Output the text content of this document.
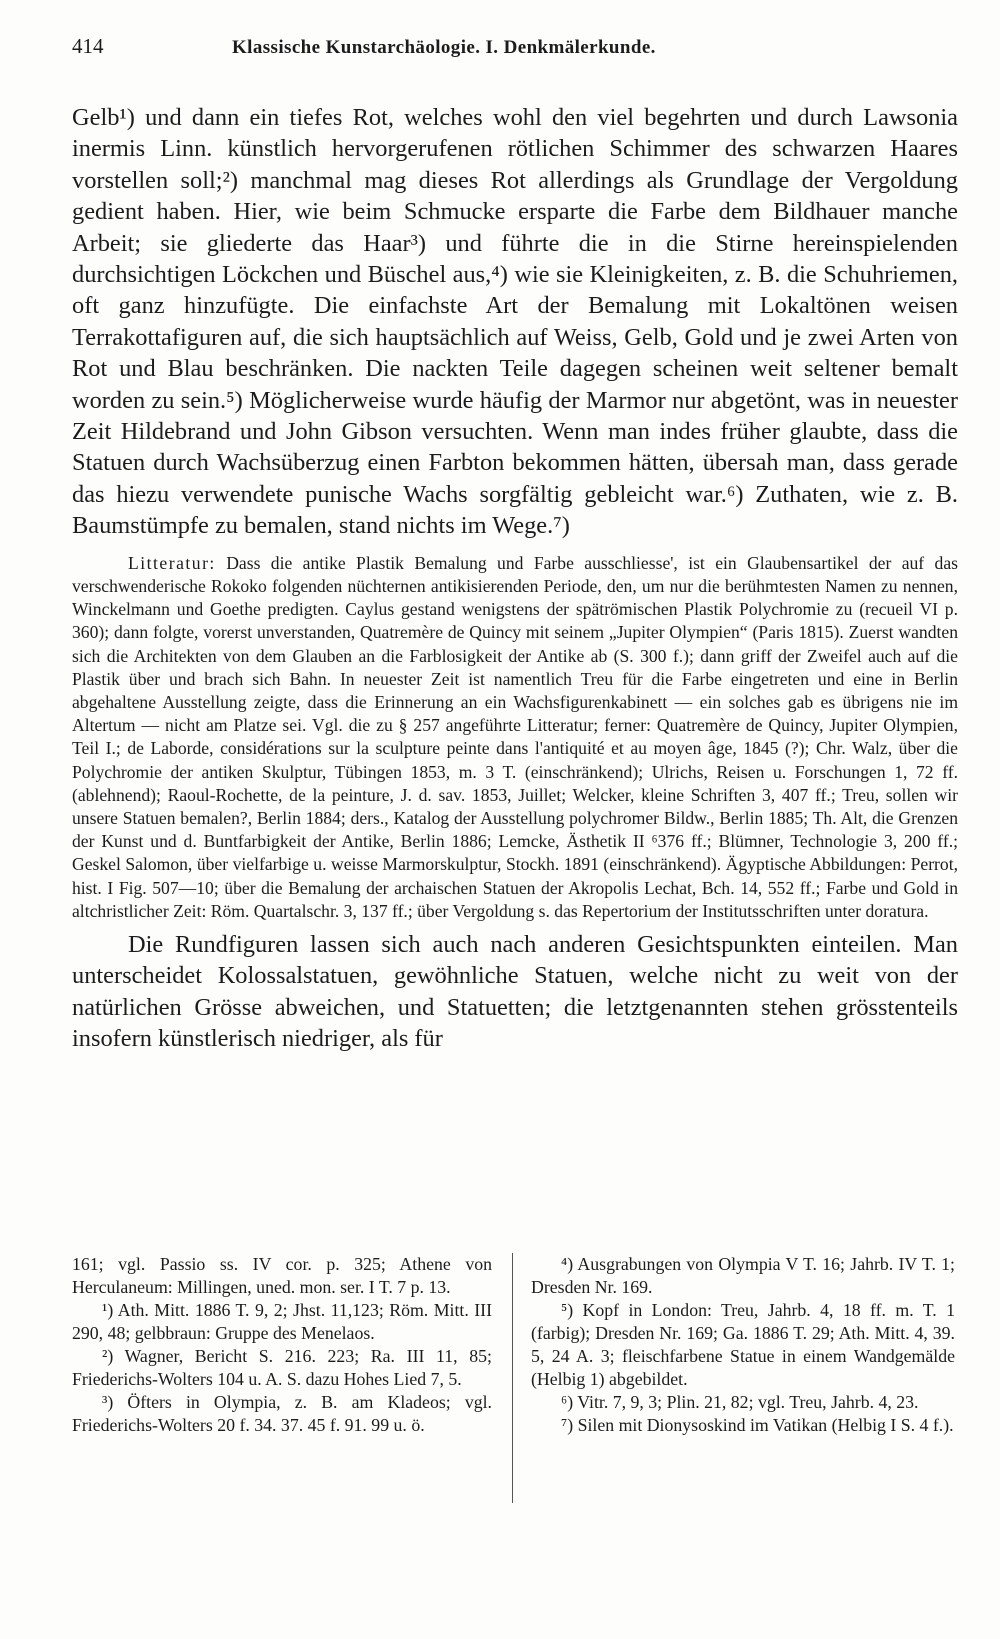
414	Klassische Kunstarchäologie. I. Denkmälerkunde.

Gelb¹) und dann ein tiefes Rot, welches wohl den viel begehrten und durch Lawsonia inermis Linn. künstlich hervorgerufenen rötlichen Schimmer des schwarzen Haares vorstellen soll;²) manchmal mag dieses Rot allerdings als Grundlage der Vergoldung gedient haben. Hier, wie beim Schmucke ersparte die Farbe dem Bildhauer manche Arbeit; sie gliederte das Haar³) und führte die in die Stirne hereinspielenden durchsichtigen Löckchen und Büschel aus,⁴) wie sie Kleinigkeiten, z. B. die Schuhriemen, oft ganz hinzufügte. Die einfachste Art der Bemalung mit Lokaltönen weisen Terrakottafiguren auf, die sich hauptsächlich auf Weiss, Gelb, Gold und je zwei Arten von Rot und Blau beschränken. Die nackten Teile dagegen scheinen weit seltener bemalt worden zu sein.⁵) Möglicherweise wurde häufig der Marmor nur abgetönt, was in neuester Zeit Hildebrand und John Gibson versuchten. Wenn man indes früher glaubte, dass die Statuen durch Wachsüberzug einen Farbton bekommen hätten, übersah man, dass gerade das hiezu verwendete punische Wachs sorgfältig gebleicht war.⁶) Zuthaten, wie z. B. Baumstümpfe zu bemalen, stand nichts im Wege.⁷)

Litteratur: Dass die antike Plastik Bemalung und Farbe ausschliesse', ist ein Glaubensartikel der auf das verschwenderische Rokoko folgenden nüchternen antikisierenden Periode, den, um nur die berühmtesten Namen zu nennen, Winckelmann und Goethe predigten. Caylus gestand wenigstens der spätrömischen Plastik Polychromie zu (recueil VI p. 360); dann folgte, vorerst unverstanden, Quatremère de Quincy mit seinem „Jupiter Olympien“ (Paris 1815). Zuerst wandten sich die Architekten von dem Glauben an die Farblosigkeit der Antike ab (S. 300 f.); dann griff der Zweifel auch auf die Plastik über und brach sich Bahn. In neuester Zeit ist namentlich Treu für die Farbe eingetreten und eine in Berlin abgehaltene Ausstellung zeigte, dass die Erinnerung an ein Wachsfigurenkabinett — ein solches gab es übrigens nie im Altertum — nicht am Platze sei. Vgl. die zu § 257 angeführte Litteratur; ferner: Quatremère de Quincy, Jupiter Olympien, Teil I.; de Laborde, considérations sur la sculpture peinte dans l'antiquité et au moyen âge, 1845 (?); Chr. Walz, über die Polychromie der antiken Skulptur, Tübingen 1853, m. 3 T. (einschränkend); Ulrichs, Reisen u. Forschungen 1, 72 ff. (ablehnend); Raoul-Rochette, de la peinture, J. d. sav. 1853, Juillet; Welcker, kleine Schriften 3, 407 ff.; Treu, sollen wir unsere Statuen bemalen?, Berlin 1884; ders., Katalog der Ausstellung polychromer Bildw., Berlin 1885; Th. Alt, die Grenzen der Kunst und d. Buntfarbigkeit der Antike, Berlin 1886; Lemcke, Ästhetik II ⁶376 ff.; Blümner, Technologie 3, 200 ff.; Geskel Salomon, über vielfarbige u. weisse Marmorskulptur, Stockh. 1891 (einschränkend). Ägyptische Abbildungen: Perrot, hist. I Fig. 507—10; über die Bemalung der archaischen Statuen der Akropolis Lechat, Bch. 14, 552 ff.; Farbe und Gold in altchristlicher Zeit: Röm. Quartalschr. 3, 137 ff.; über Vergoldung s. das Repertorium der Institutsschriften unter doratura.

Die Rundfiguren lassen sich auch nach anderen Gesichtspunkten einteilen. Man unterscheidet Kolossalstatuen, gewöhnliche Statuen, welche nicht zu weit von der natürlichen Grösse abweichen, und Statuetten; die letztgenannten stehen grösstenteils insofern künstlerisch niedriger, als für

161; vgl. Passio ss. IV cor. p. 325; Athene von Herculaneum: Millingen, uned. mon. ser. I T. 7 p. 13.

¹) Ath. Mitt. 1886 T. 9, 2; Jhst. 11,123; Röm. Mitt. III 290, 48; gelbbraun: Gruppe des Menelaos.

²) Wagner, Bericht S. 216. 223; Ra. III 11, 85; Friederichs-Wolters 104 u. A. S. dazu Hohes Lied 7, 5.

³) Öfters in Olympia, z. B. am Kladeos; vgl. Friederichs-Wolters 20 f. 34. 37. 45 f. 91. 99 u. ö.

⁴) Ausgrabungen von Olympia V T. 16; Jahrb. IV T. 1; Dresden Nr. 169.

⁵) Kopf in London: Treu, Jahrb. 4, 18 ff. m. T. 1 (farbig); Dresden Nr. 169; Ga. 1886 T. 29; Ath. Mitt. 4, 39. 5, 24 A. 3; fleischfarbene Statue in einem Wandgemälde (Helbig 1) abgebildet.

⁶) Vitr. 7, 9, 3; Plin. 21, 82; vgl. Treu, Jahrb. 4, 23.

⁷) Silen mit Dionysoskind im Vatikan (Helbig I S. 4 f.).
